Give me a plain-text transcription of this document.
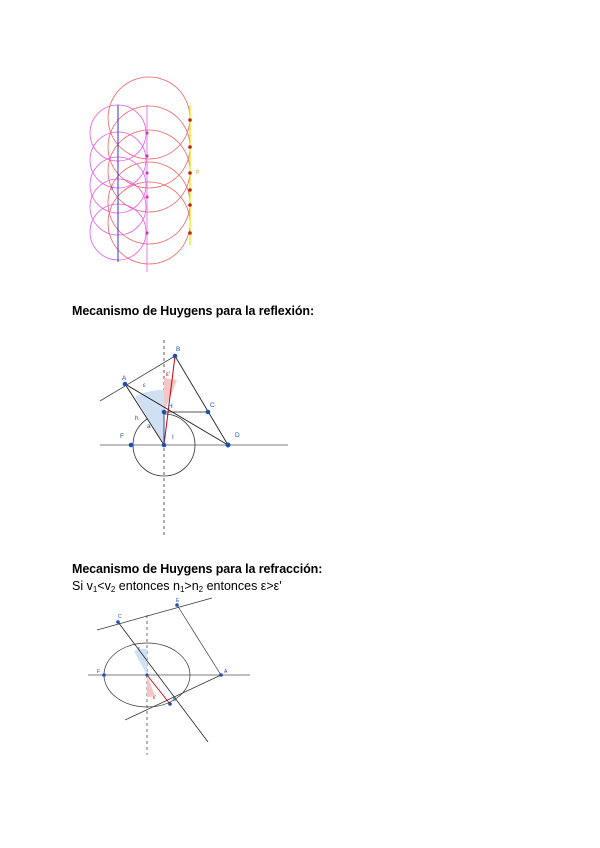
y
P
Mecanismo de Huygens para la reflexión:
A
B
C
D
F
H
I
h
a
ε
ε'
Mecanismo de Huygens para la refracción:
Si $v_1<v_2$ entonces $n_1>n_2$ entonces ε>ε'
C
E
F	A
B
ε
ε'
